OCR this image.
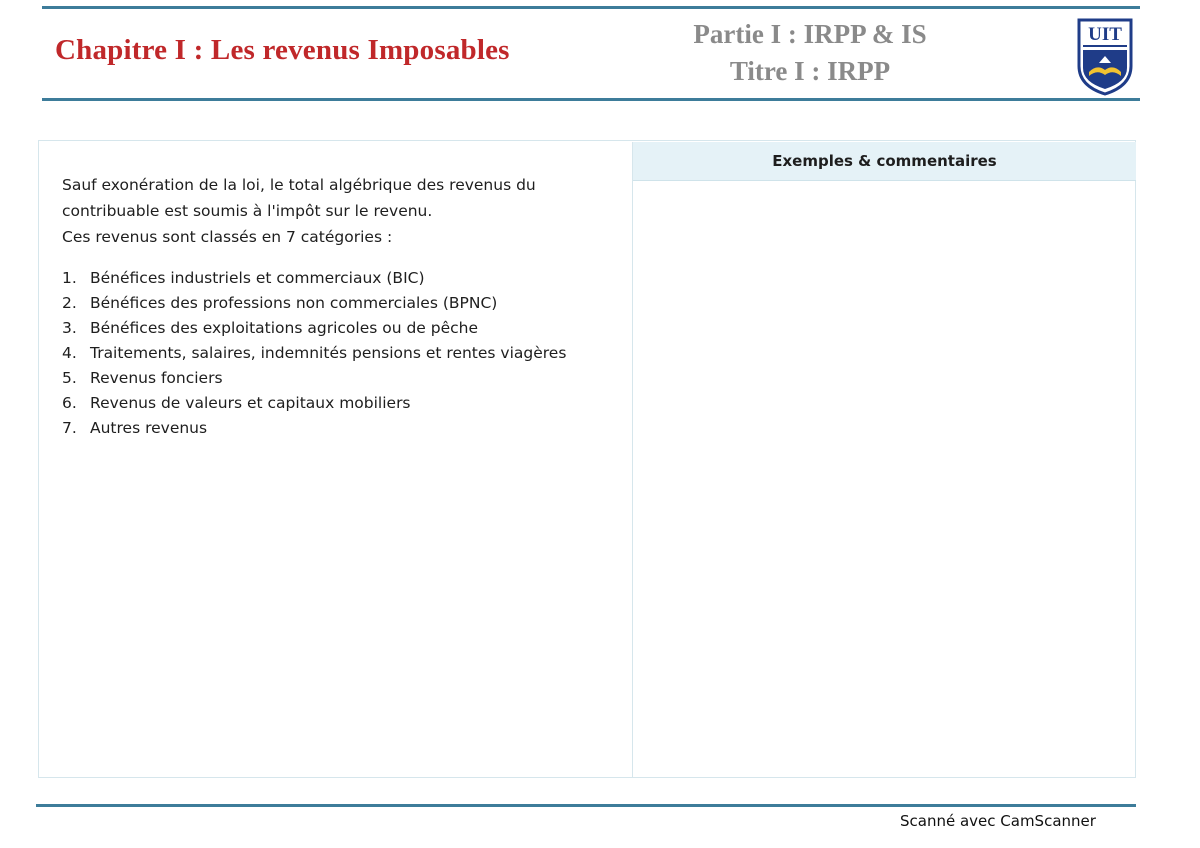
Chapitre I : Les revenus Imposables	Partie I : IRPP & IS
Titre I : IRPP
UIT

Sauf exonération de la loi, le total algébrique des revenus du

contribuable est soumis à l'impôt sur le revenu.

Ces revenus sont classés en 7 catégories :

1. Bénéfices industriels et commerciaux (BIC)
2. Bénéfices des professions non commerciales (BPNC)
3. Bénéfices des exploitations agricoles ou de pêche
4. Traitements, salaires, indemnités pensions et rentes viagères
5. Revenus fonciers
6. Revenus de valeurs et capitaux mobiliers
7. Autres revenus
Exemples & commentaires
Scanné avec CamScanner
